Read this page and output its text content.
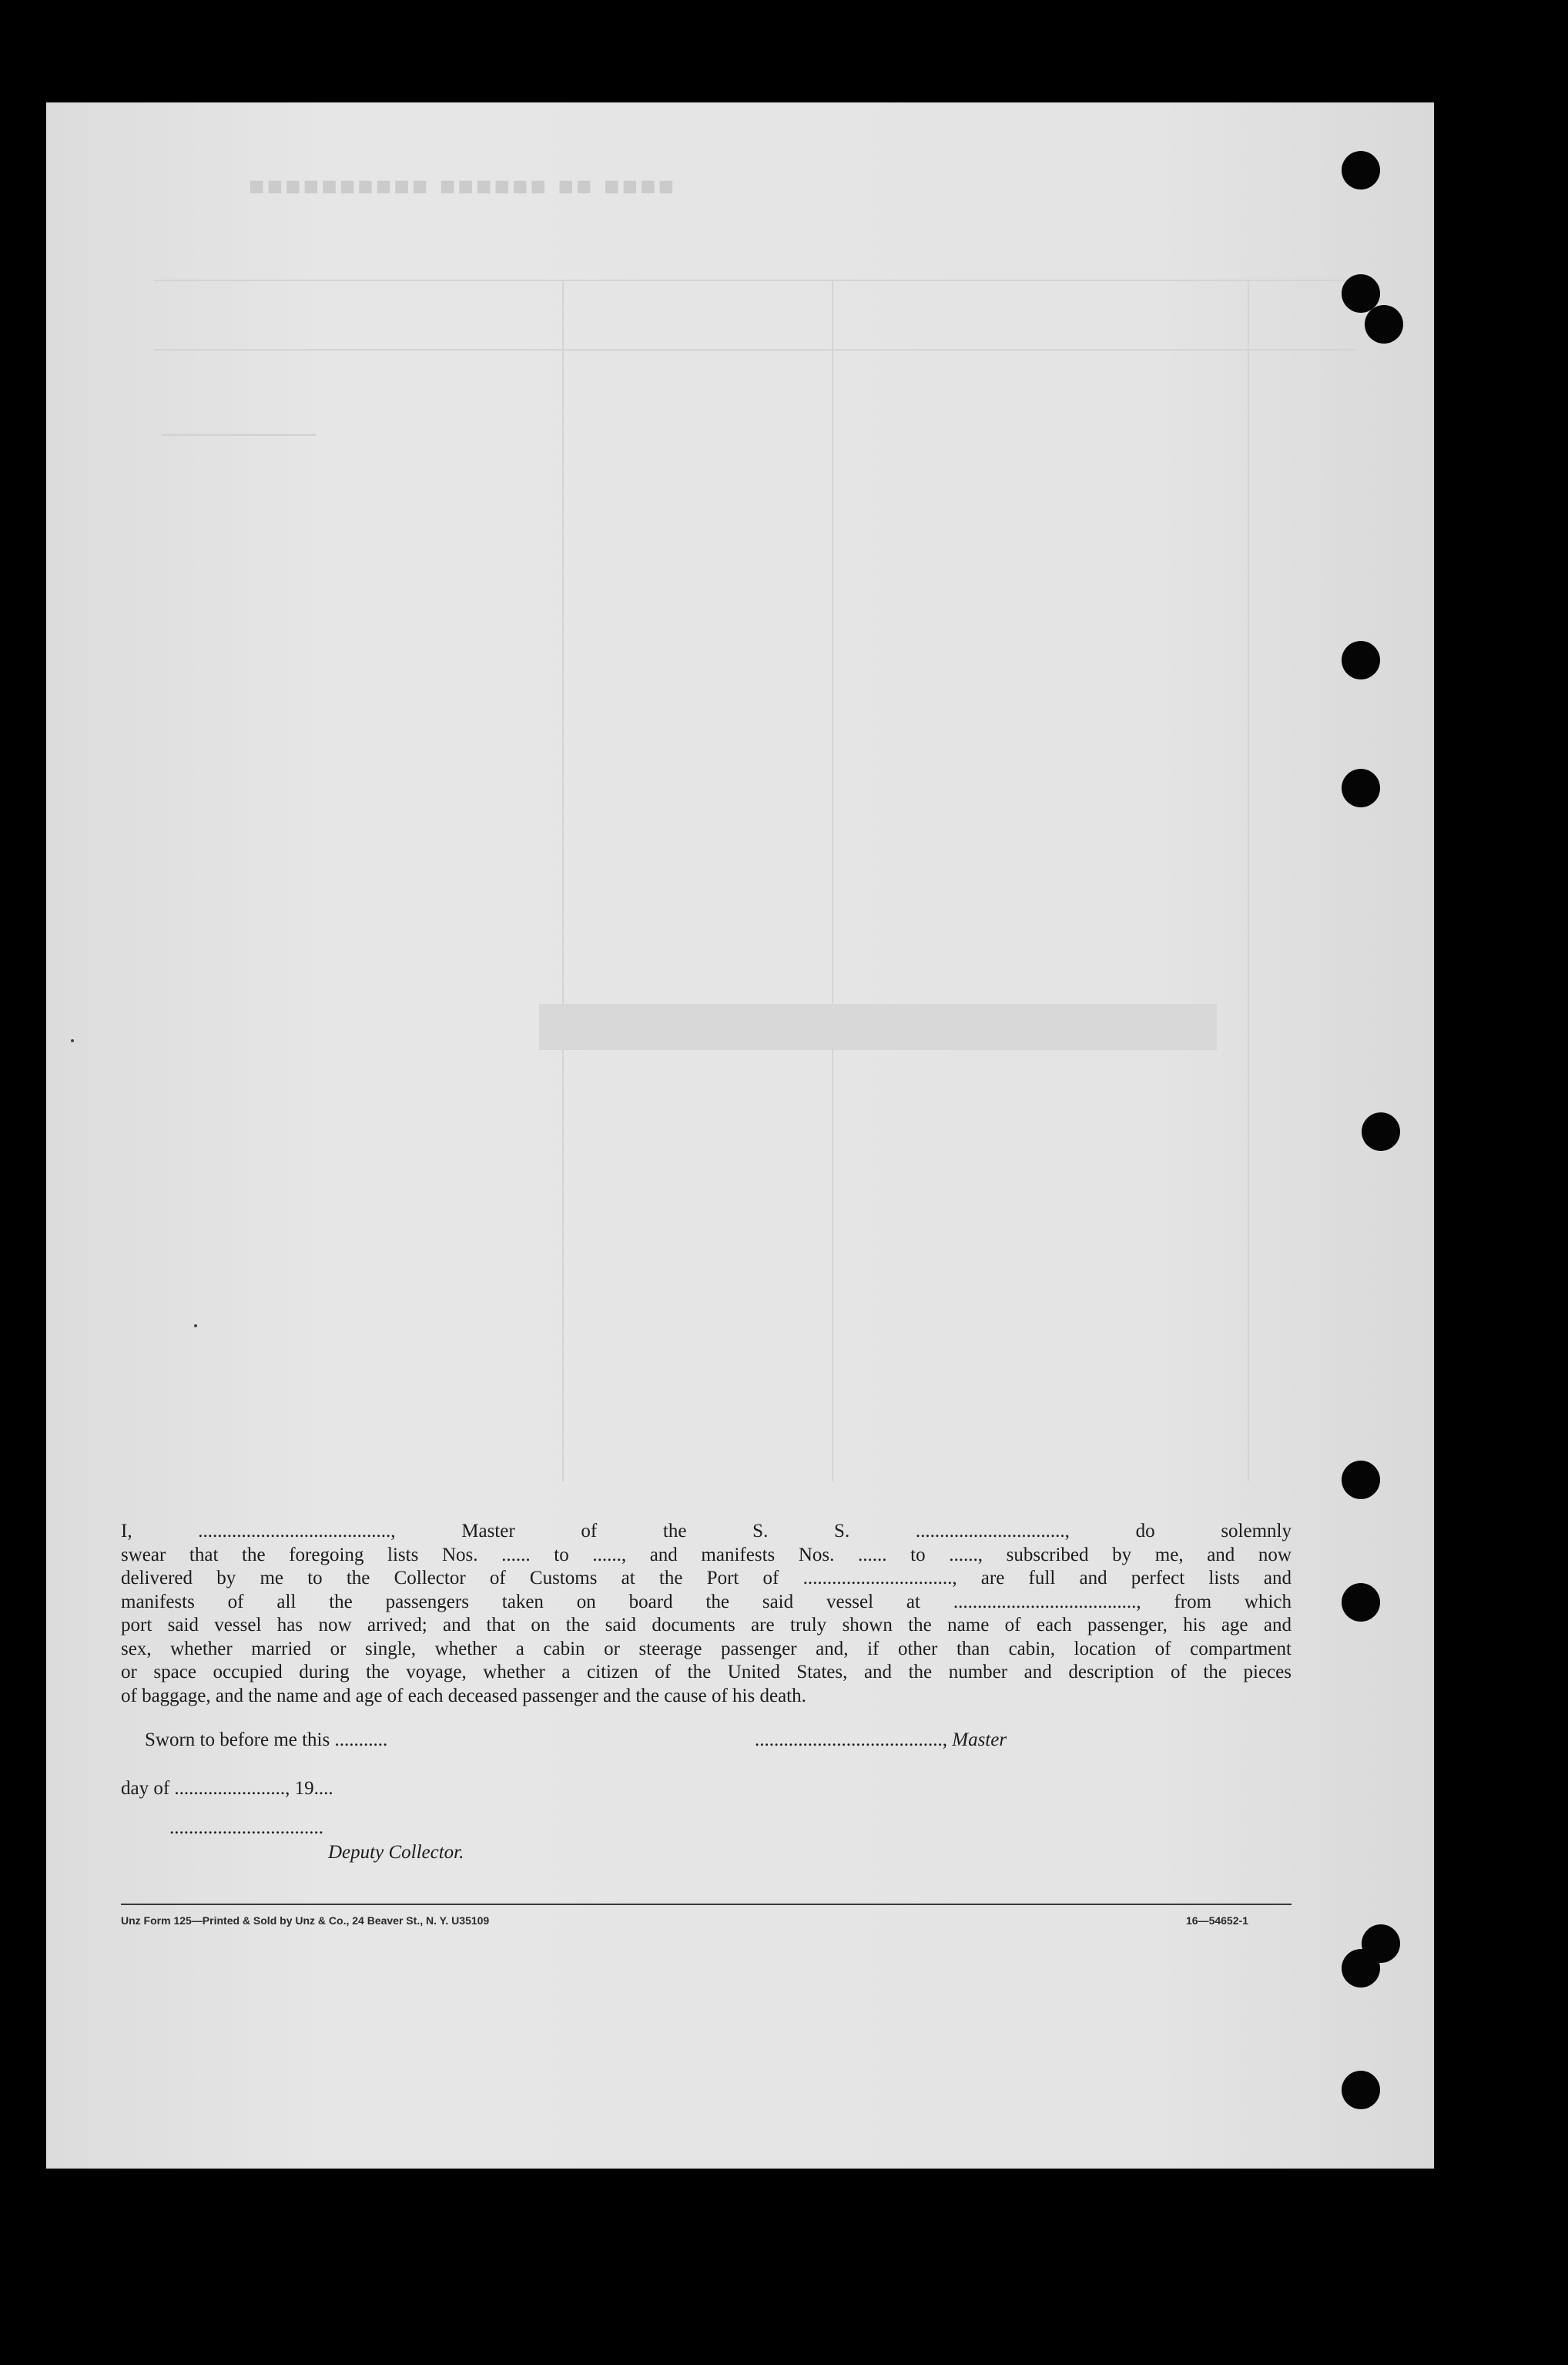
■■■■ ■■ ■■■■■■ ■■■■■■■■■■
I, ........................................, Master of the S. S. ..............................., do solemnly
swear that the foregoing lists Nos. ...... to ......, and manifests Nos. ...... to ......, subscribed by me, and now
delivered by me to the Collector of Customs at the Port of ..............................., are full and perfect lists and
manifests of all the passengers taken on board the said vessel at ......................................, from which
port said vessel has now arrived; and that on the said documents are truly shown the name of each passenger, his age and
sex, whether married or single, whether a cabin or steerage passenger and, if other than cabin, location of compartment
or space occupied during the voyage, whether a citizen of the United States, and the number and description of the pieces
of baggage, and the name and age of each deceased passenger and the cause of his death.
Sworn to before me this ...........	......................................., Master
day of ......................., 19....
................................
Deputy Collector.
Unz Form 125—Printed & Sold by Unz & Co., 24 Beaver St., N. Y. U35109	16—54652-1
